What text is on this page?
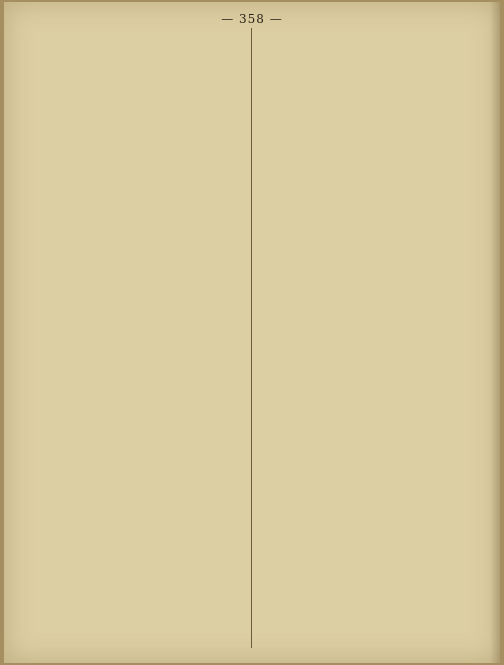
— 358 —
